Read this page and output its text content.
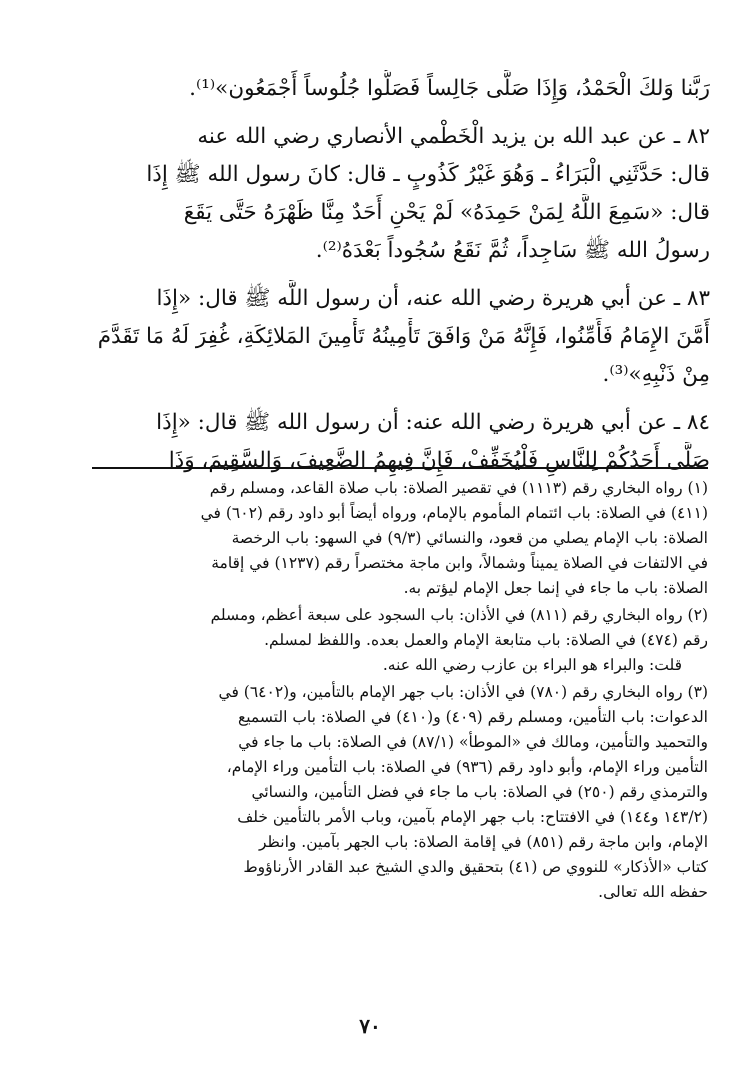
رَبَّنا وَلكَ الْحَمْدُ، وَإِذَا صَلَّى جَالِساً فَصَلُّوا جُلُوساً أَجْمَعُون»⁽¹⁾.
٨٢ ـ عن عبد الله بن يزيد الْخَطْمي الأنصاري رضي الله عنه
قال: حَدَّثَنِي الْبَرَاءُ ـ وَهُوَ غَيْرُ كَذُوبٍ ـ قال: كانَ رسول الله ﷺ إِذَا
قال: «سَمِعَ اللَّهُ لِمَنْ حَمِدَهُ» لَمْ يَحْنِ أَحَدٌ مِنَّا ظَهْرَهُ حَتَّى يَقَعَ
رسولُ الله ﷺ سَاجِداً، ثُمَّ نَقَعُ سُجُوداً بَعْدَهُ⁽²⁾.
٨٣ ـ عن أبي هريرة رضي الله عنه، أن رسول اللَّه ﷺ قال: «إِذَا
أَمَّنَ الإِمَامُ فَأَمِّنُوا، فَإِنَّهُ مَنْ وَافَقَ تَأْمِينُهُ تَأْمِينَ المَلائِكَةِ، غُفِرَ لَهُ مَا تَقَدَّمَ
مِنْ ذَنْبِهِ»⁽³⁾.
٨٤ ـ عن أبي هريرة رضي الله عنه: أن رسول الله ﷺ قال: «إِذَا
صَلَّى أَحَدُكُمْ لِلنَّاسِ فَلْيُخَفِّفْ، فَإِنَّ فِيهِمُ الضَّعِيفَ، وَالسَّقِيمَ، وَذَا
(١) رواه البخاري رقم (١١١٣) في تقصير الصلاة: باب صلاة القاعد، ومسلم رقم
(٤١١) في الصلاة: باب ائتمام المأموم بالإمام، ورواه أيضاً أبو داود رقم (٦٠٢) في
الصلاة: باب الإمام يصلي من قعود، والنسائي (٩/٣) في السهو: باب الرخصة
في الالتفات في الصلاة يميناً وشمالاً، وابن ماجة مختصراً رقم (١٢٣٧) في إقامة
الصلاة: باب ما جاء في إنما جعل الإمام ليؤتم به.
(٢) رواه البخاري رقم (٨١١) في الأذان: باب السجود على سبعة أعظم، ومسلم
رقم (٤٧٤) في الصلاة: باب متابعة الإمام والعمل بعده. واللفظ لمسلم.
قلت: والبراء هو البراء بن عازب رضي الله عنه.
(٣) رواه البخاري رقم (٧٨٠) في الأذان: باب جهر الإمام بالتأمين، و(٦٤٠٢) في
الدعوات: باب التأمين، ومسلم رقم (٤٠٩) و(٤١٠) في الصلاة: باب التسميع
والتحميد والتأمين، ومالك في «الموطأ» (٨٧/١) في الصلاة: باب ما جاء في
التأمين وراء الإمام، وأبو داود رقم (٩٣٦) في الصلاة: باب التأمين وراء الإمام،
والترمذي رقم (٢٥٠) في الصلاة: باب ما جاء في فضل التأمين، والنسائي
(١٤٣/٢ و١٤٤) في الافتتاح: باب جهر الإمام بآمين، وباب الأمر بالتأمين خلف
الإمام، وابن ماجة رقم (٨٥١) في إقامة الصلاة: باب الجهر بآمين. وانظر
كتاب «الأذكار» للنووي ص (٤١) بتحقيق والدي الشيخ عبد القادر الأرناؤوط
حفظه الله تعالى.
٧٠
